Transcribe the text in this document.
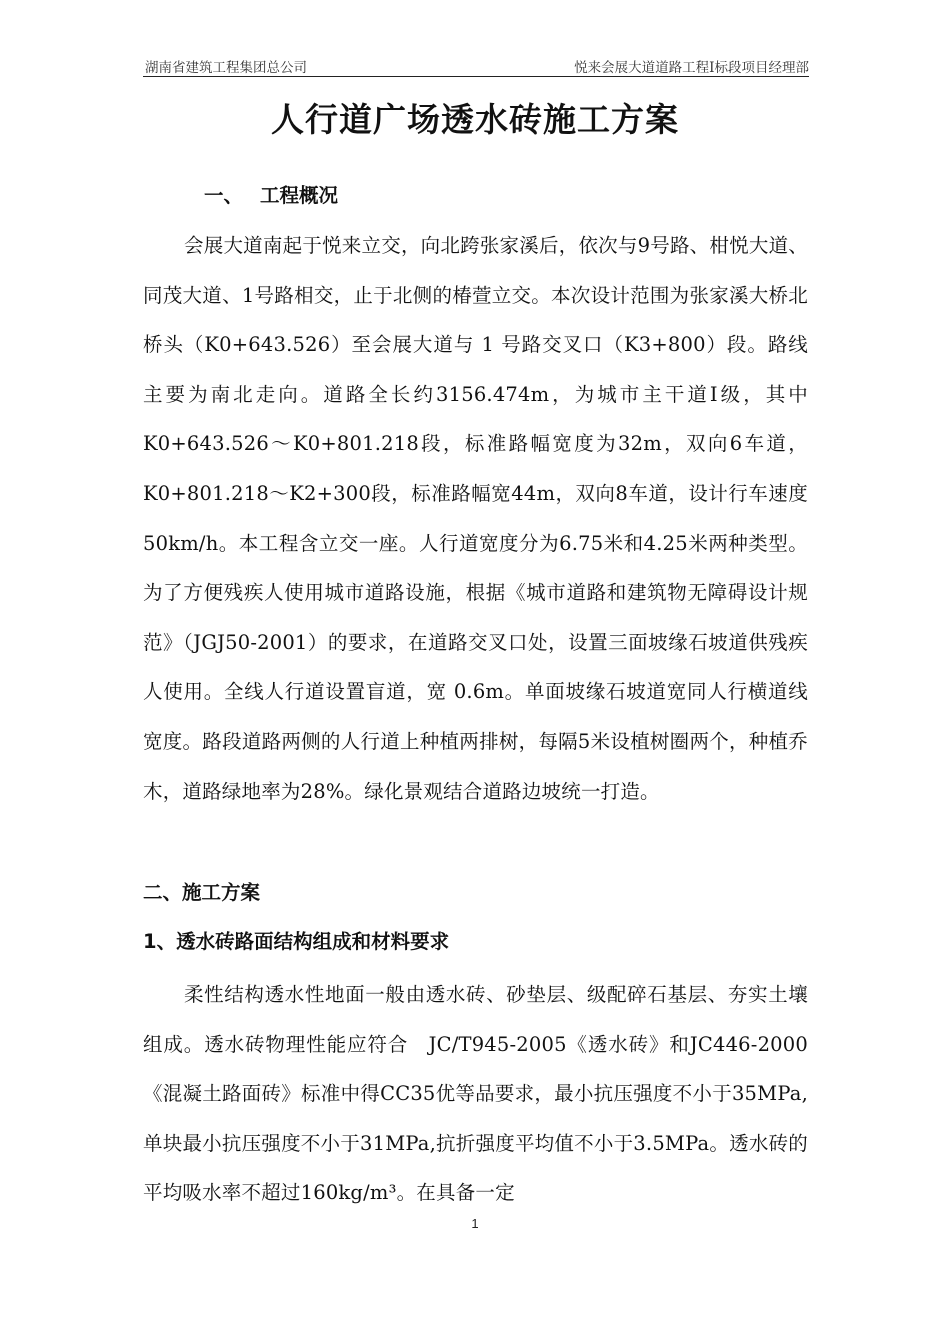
湖南省建筑工程集团总公司	悦来会展大道道路工程Ⅰ标段项目经理部
人行道广场透水砖施工方案
一、 工程概况

会展大道南起于悦来立交，向北跨张家溪后，依次与9号路、柑悦大道、同茂大道、1号路相交，止于北侧的椿萱立交。本次设计范围为张家溪大桥北桥头（K0+643.526）至会展大道与 1 号路交叉口（K3+800）段。路线主要为南北走向。道路全长约3156.474m，为城市主干道Ⅰ级，其中K0+643.526～K0+801.218段，标准路幅宽度为32m，双向6车道，K0+801.218～K2+300段，标准路幅宽44m，双向8车道，设计行车速度50km/h。本工程含立交一座。人行道宽度分为6.75米和4.25米两种类型。为了方便残疾人使用城市道路设施，根据《城市道路和建筑物无障碍设计规范》（JGJ50-2001）的要求，在道路交叉口处，设置三面坡缘石坡道供残疾人使用。全线人行道设置盲道，宽 0.6m。单面坡缘石坡道宽同人行横道线宽度。路段道路两侧的人行道上种植两排树，每隔5米设植树圈两个，种植乔木，道路绿地率为28%。绿化景观结合道路边坡统一打造。

二、施工方案
1、透水砖路面结构组成和材料要求

柔性结构透水性地面一般由透水砖、砂垫层、级配碎石基层、夯实土壤组成。透水砖物理性能应符合　JC/T945-2005《透水砖》和JC446-2000《混凝土路面砖》标准中得CC35优等品要求，最小抗压强度不小于35MPa,单块最小抗压强度不小于31MPa,抗折强度平均值不小于3.5MPa。透水砖的平均吸水率不超过160kg/m³。在具备一定

1
